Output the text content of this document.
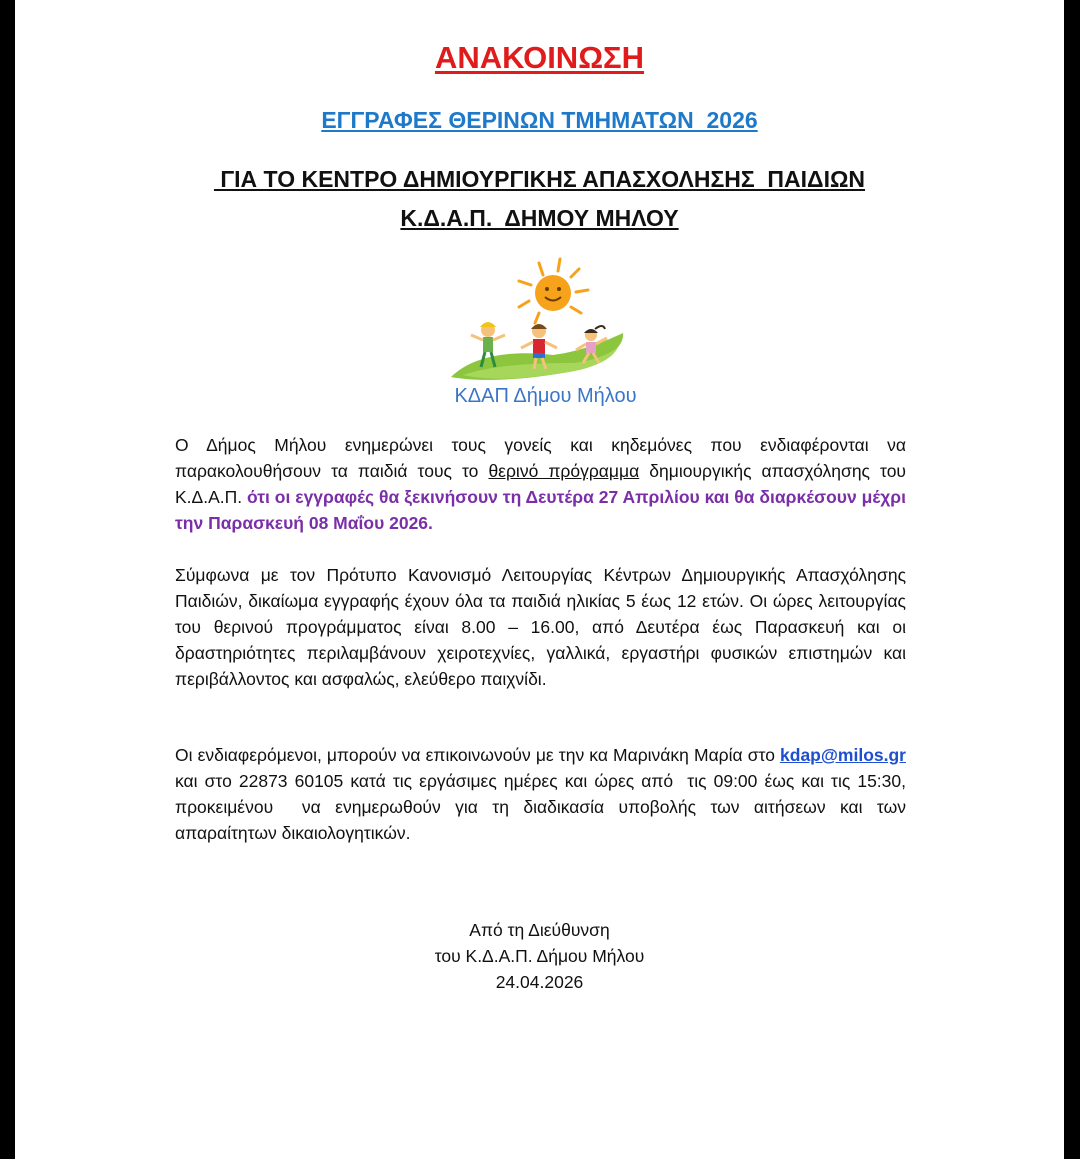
ΑΝΑΚΟΙΝΩΣΗ
ΕΓΓΡΑΦΕΣ ΘΕΡΙΝΩΝ ΤΜΗΜΑΤΩΝ  2026
ΓΙΑ ΤΟ ΚΕΝΤΡΟ ΔΗΜΙΟΥΡΓΙΚΗΣ ΑΠΑΣΧΟΛΗΣΗΣ  ΠΑΙΔΙΩΝ
Κ.Δ.Α.Π.  ΔΗΜΟΥ ΜΗΛΟΥ
ΚΔΑΠ Δήμου Μήλου
Ο Δήμος Μήλου ενημερώνει τους γονείς και κηδεμόνες που ενδιαφέρονται να παρακολουθήσουν τα παιδιά τους το θερινό πρόγραμμα δημιουργικής απασχόλησης του Κ.Δ.Α.Π. ότι οι εγγραφές θα ξεκινήσουν τη Δευτέρα 27 Απριλίου και θα διαρκέσουν μέχρι την Παρασκευή 08 Μαΐου 2026.
Σύμφωνα με τον Πρότυπο Κανονισμό Λειτουργίας Κέντρων Δημιουργικής Απασχόλησης Παιδιών, δικαίωμα εγγραφής έχουν όλα τα παιδιά ηλικίας 5 έως 12 ετών. Οι ώρες λειτουργίας του θερινού προγράμματος είναι 8.00 – 16.00, από Δευτέρα έως Παρασκευή και οι δραστηριότητες περιλαμβάνουν χειροτεχνίες, γαλλικά, εργαστήρι φυσικών επιστημών και περιβάλλοντος και ασφαλώς, ελεύθερο παιχνίδι.
Οι ενδιαφερόμενοι, μπορούν να επικοινωνούν με την κα Μαρινάκη Μαρία στο kdap@milos.gr  και στο 22873 60105 κατά τις εργάσιμες ημέρες και ώρες από  τις 09:00 έως και τις 15:30, προκειμένου  να ενημερωθούν για τη διαδικασία υποβολής των αιτήσεων και των απαραίτητων δικαιολογητικών.
Από τη Διεύθυνση
του Κ.Δ.Α.Π. Δήμου Μήλου
24.04.2026
